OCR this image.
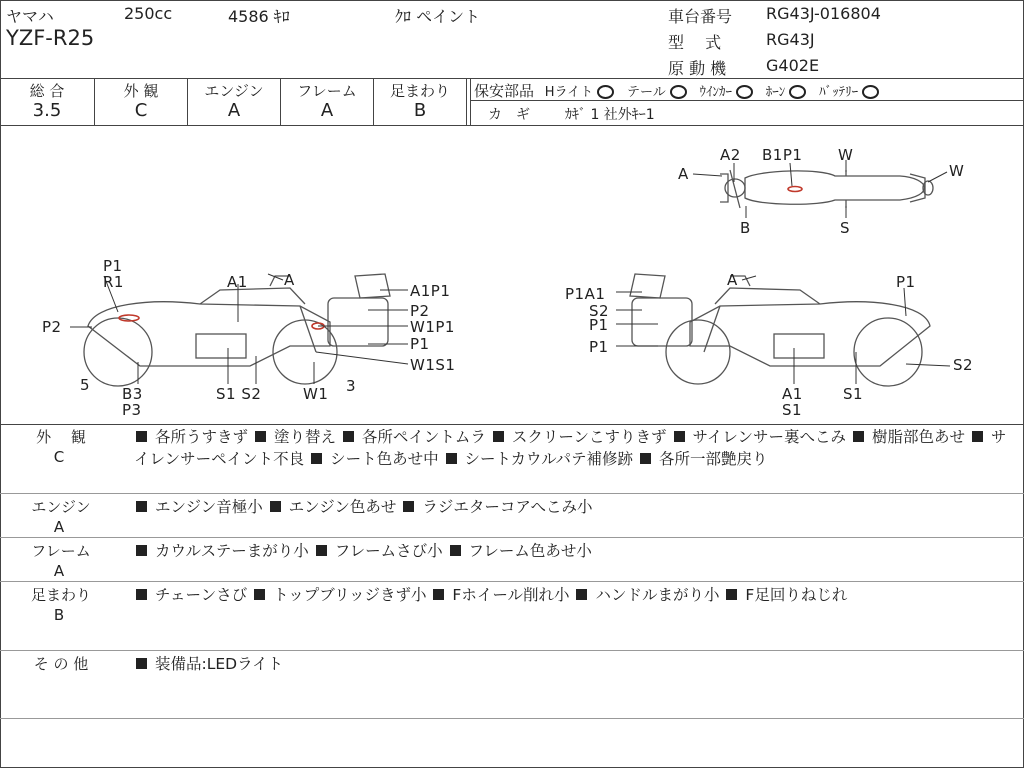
ヤマハ	250cc	4586 ｷﾛ	ｸﾛ ペイント
YZF-R25
車台番号 RG43J-016804
型　 式	RG43J
原 動 機 G402E
総 合
3.5
外 観
C
エンジン
A
フレーム
A
足まわり
B
保安部品 Hライト	テール	ｳｲﾝｶｰ	ﾎｰﾝ	ﾊﾞｯﾃﾘｰ
カ　ギ	ｶｷﾞ 1 社外ｷｰ1
A
A2 B1P1 W
W
B	S
P1
R1
P2
A1 A
A1P1
P2
W1P1
P1
W1S1
5 B3
P3
S1 S2	W1 3
A	P1
P1A1
S2
P1
P1
S2
A1
S1
S1
外　 観
C
各所うすきず 塗り替え 各所ペイントムラ スクリーンこすりきず サイレンサー裏へこみ 樹脂部色あせ サイレンサーペイント不良 シート色あせ中 シートカウルパテ補修跡 各所一部艶戻り
エンジン
A
エンジン音極小 エンジン色あせ ラジエターコアへこみ小
フレーム
A
カウルステーまがり小 フレームさび小 フレーム色あせ小
足まわり
B
チェーンさび トップブリッジきず小 Fホイール削れ小 ハンドルまがり小 F足回りねじれ
そ の 他	装備品:LEDライト
